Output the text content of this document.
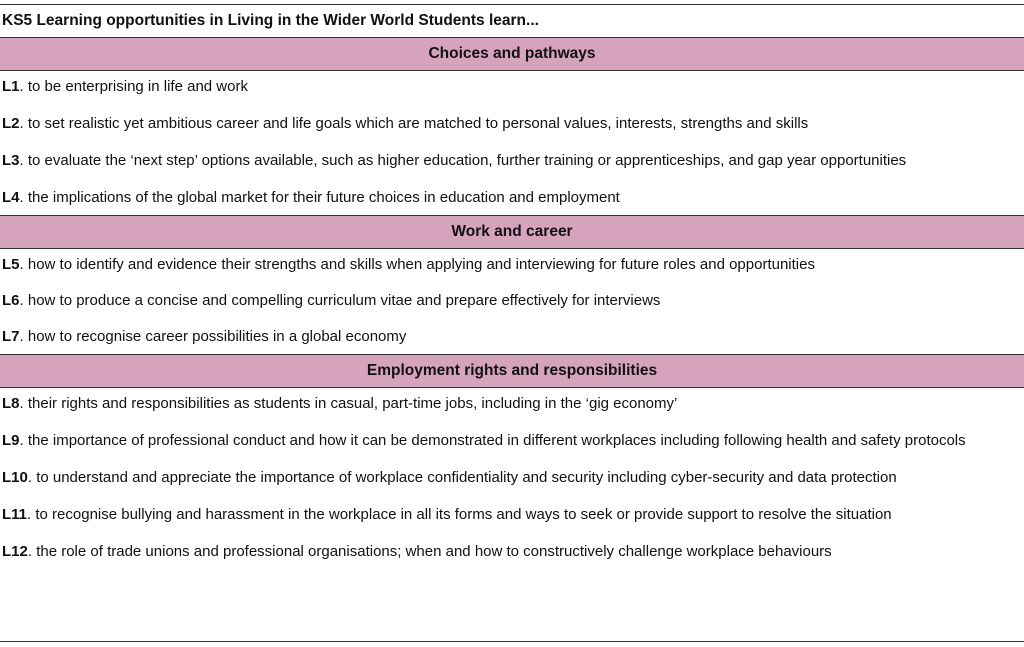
KS5 Learning opportunities in Living in the Wider World Students learn...
Choices and pathways

L1. to be enterprising in life and work

L2. to set realistic yet ambitious career and life goals which are matched to personal values, interests, strengths and skills

L3. to evaluate the ‘next step’ options available, such as higher education, further training or apprenticeships, and gap year opportunities

L4. the implications of the global market for their future choices in education and employment

Work and career

L5. how to identify and evidence their strengths and skills when applying and interviewing for future roles and opportunities

L6. how to produce a concise and compelling curriculum vitae and prepare effectively for interviews

L7. how to recognise career possibilities in a global economy

Employment rights and responsibilities

L8. their rights and responsibilities as students in casual, part-time jobs, including in the ‘gig economy’

L9. the importance of professional conduct and how it can be demonstrated in different workplaces including following health and safety protocols

L10. to understand and appreciate the importance of workplace confidentiality and security including cyber-security and data protection

L11. to recognise bullying and harassment in the workplace in all its forms and ways to seek or provide support to resolve the situation

L12. the role of trade unions and professional organisations; when and how to constructively challenge workplace behaviours
